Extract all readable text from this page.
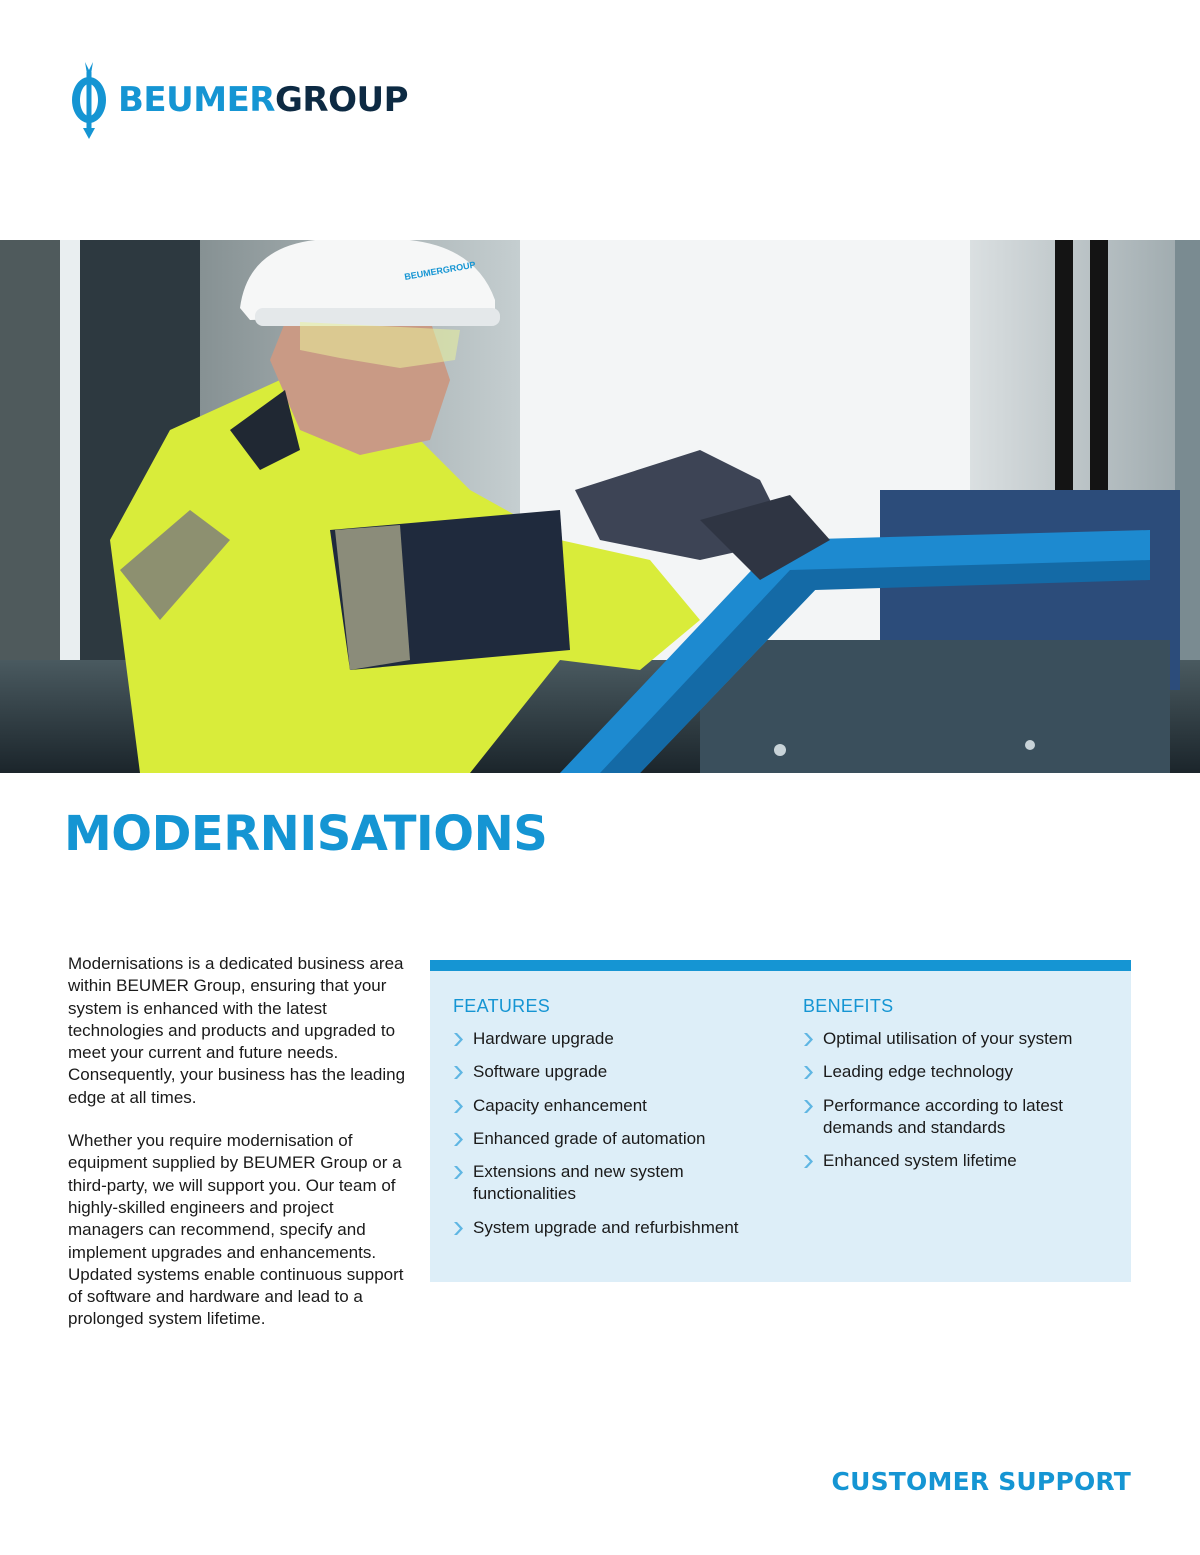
BEUMERGROUP
BEUMERGROUP
MODERNISATIONS

Modernisations is a dedicated business area within BEUMER Group, ensuring that your system is enhanced with the latest technologies and products and upgraded to meet your current and future needs. Consequently, your business has the leading edge at all times.

Whether you require modernisation of equipment supplied by BEUMER Group or a third-party, we will support you. Our team of highly-skilled engineers and project managers can recommend, specify and implement upgrades and enhancements. Updated systems enable continuous support of software and hardware and lead to a prolonged system lifetime.

FEATURES
Hardware upgrade
Software upgrade
Capacity enhancement
Enhanced grade of automation
Extensions and new system functionalities
System upgrade and refurbishment
BENEFITS
Optimal utilisation of your system
Leading edge technology
Performance according to latest demands and standards
Enhanced system lifetime
CUSTOMER SUPPORT
